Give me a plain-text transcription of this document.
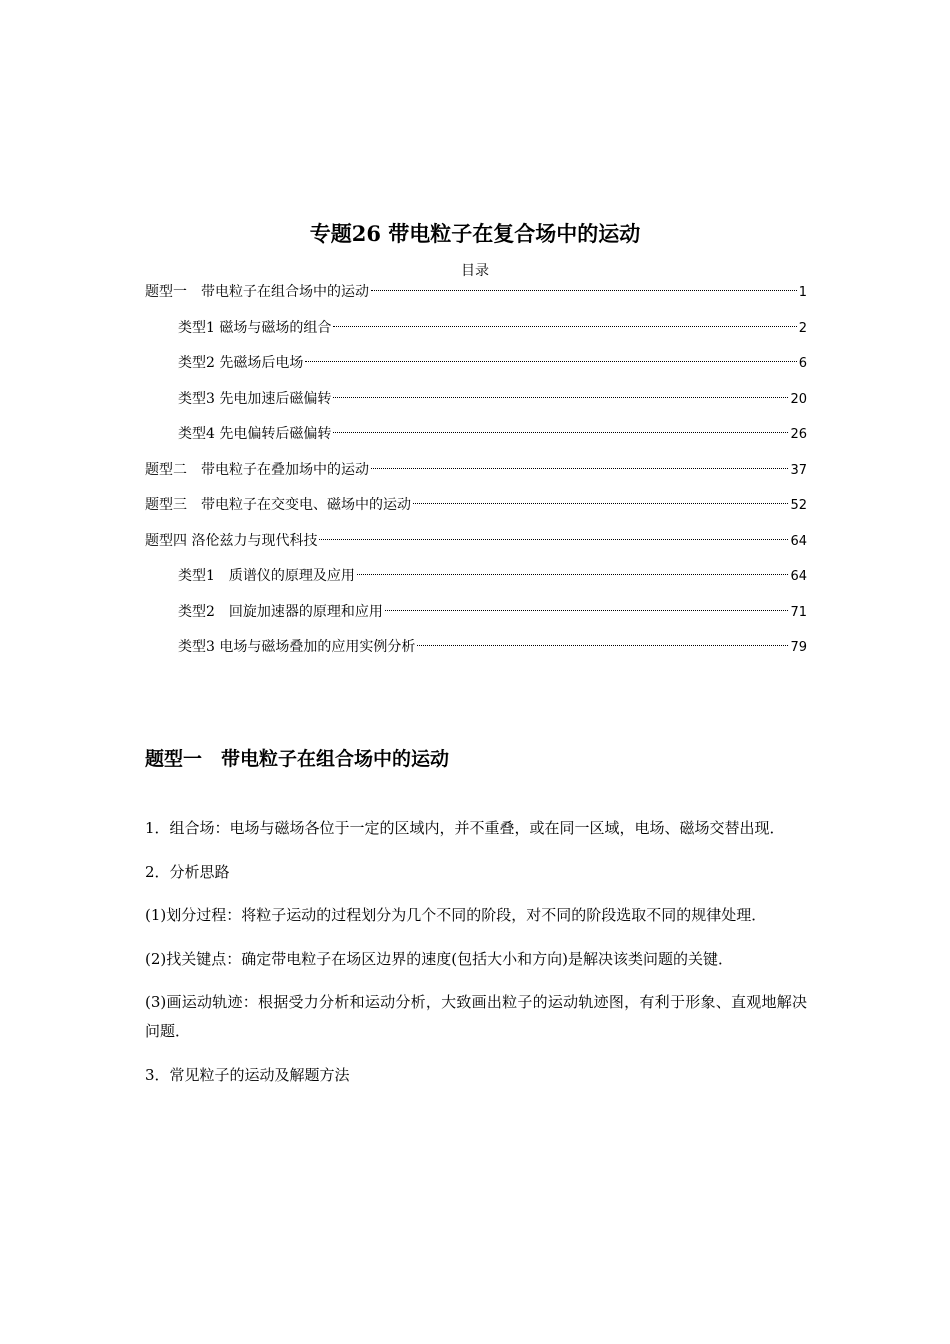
专题26 带电粒子在复合场中的运动
目录
题型一　带电粒子在组合场中的运动	1
类型1 磁场与磁场的组合	2
类型2 先磁场后电场	6
类型3 先电加速后磁偏转	20
类型4 先电偏转后磁偏转	26
题型二　带电粒子在叠加场中的运动	37
题型三　带电粒子在交变电、磁场中的运动	52
题型四 洛伦兹力与现代科技	64
类型1　质谱仪的原理及应用	64
类型2　回旋加速器的原理和应用	71
类型3 电场与磁场叠加的应用实例分析	79
题型一　带电粒子在组合场中的运动

1．组合场：电场与磁场各位于一定的区域内，并不重叠，或在同一区域，电场、磁场交替出现．

2．分析思路

(1)划分过程：将粒子运动的过程划分为几个不同的阶段，对不同的阶段选取不同的规律处理．

(2)找关键点：确定带电粒子在场区边界的速度(包括大小和方向)是解决该类问题的关键．

(3)画运动轨迹：根据受力分析和运动分析，大致画出粒子的运动轨迹图，有利于形象、直观地解决问题．

3．常见粒子的运动及解题方法
